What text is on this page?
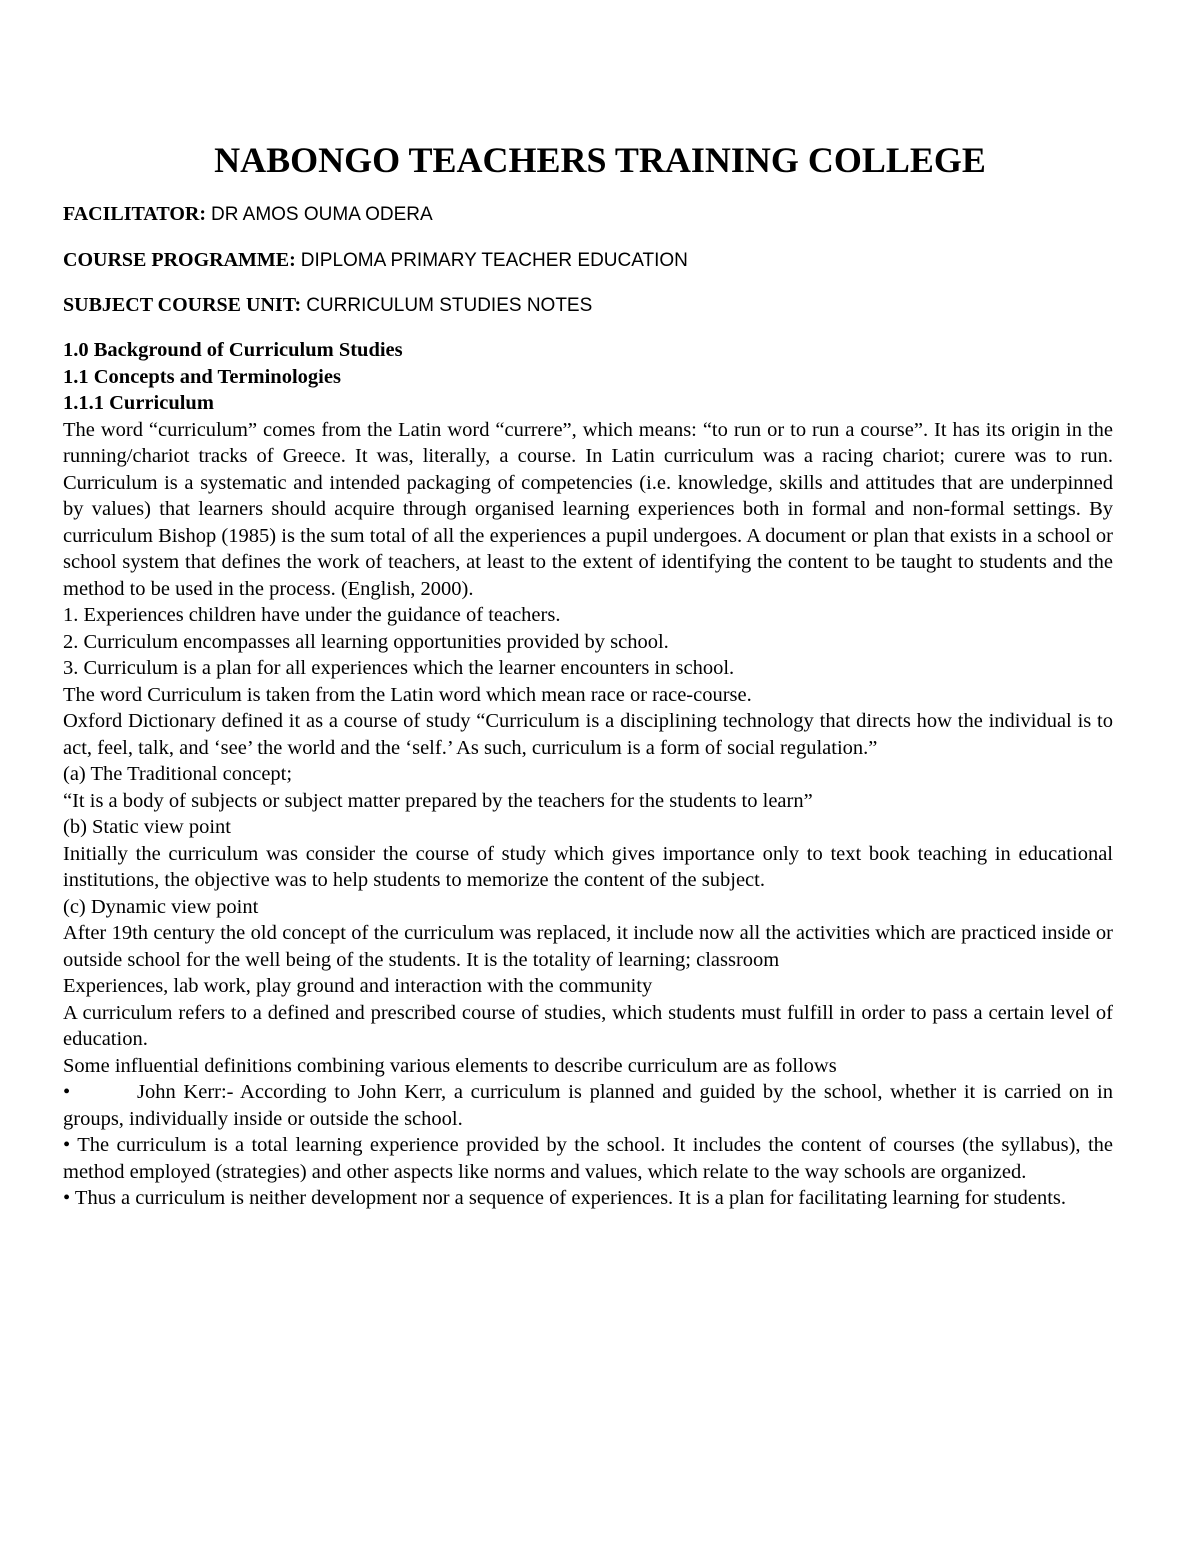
NABONGO TEACHERS TRAINING COLLEGE
FACILITATOR: DR AMOS OUMA ODERA
COURSE PROGRAMME: DIPLOMA PRIMARY TEACHER EDUCATION
SUBJECT COURSE UNIT: CURRICULUM STUDIES NOTES

1.0 Background of Curriculum Studies

1.1 Concepts and Terminologies

1.1.1 Curriculum

The word “curriculum” comes from the Latin word “currere”, which means: “to run or to run a course”. It has its origin in the running/chariot tracks of Greece. It was, literally, a course. In Latin curriculum was a racing chariot; curere was to run. Curriculum is a systematic and intended packaging of competencies (i.e. knowledge, skills and attitudes that are underpinned by values) that learners should acquire through organised learning experiences both in formal and non-formal settings. By curriculum Bishop (1985) is the sum total of all the experiences a pupil undergoes. A document or plan that exists in a school or school system that defines the work of teachers, at least to the extent of identifying the content to be taught to students and the method to be used in the process. (English, 2000).

1. Experiences children have under the guidance of teachers.

2. Curriculum encompasses all learning opportunities provided by school.

3. Curriculum is a plan for all experiences which the learner encounters in school.

The word Curriculum is taken from the Latin word which mean race or race-course.

Oxford Dictionary defined it as a course of study “Curriculum is a disciplining technology that directs how the individual is to act, feel, talk, and ‘see’ the world and the ‘self.’ As such, curriculum is a form of social regulation.”

(a) The Traditional concept;

“It is a body of subjects or subject matter prepared by the teachers for the students to learn”

(b) Static view point

Initially the curriculum was consider the course of study which gives importance only to text book teaching in educational institutions, the objective was to help students to memorize the content of the subject.

(c) Dynamic view point

After 19th century the old concept of the curriculum was replaced, it include now all the activities which are practiced inside or outside school for the well being of the students. It is the totality of learning; classroom

Experiences, lab work, play ground and interaction with the community

A curriculum refers to a defined and prescribed course of studies, which students must fulfill in order to pass a certain level of education.

Some influential definitions combining various elements to describe curriculum are as follows

•	John Kerr:- According to John Kerr, a curriculum is planned and guided by the school, whether it is carried on in groups, individually inside or outside the school.

• The curriculum is a total learning experience provided by the school. It includes the content of courses (the syllabus), the method employed (strategies) and other aspects like norms and values, which relate to the way schools are organized.

• Thus a curriculum is neither development nor a sequence of experiences. It is a plan for facilitating learning for students.
